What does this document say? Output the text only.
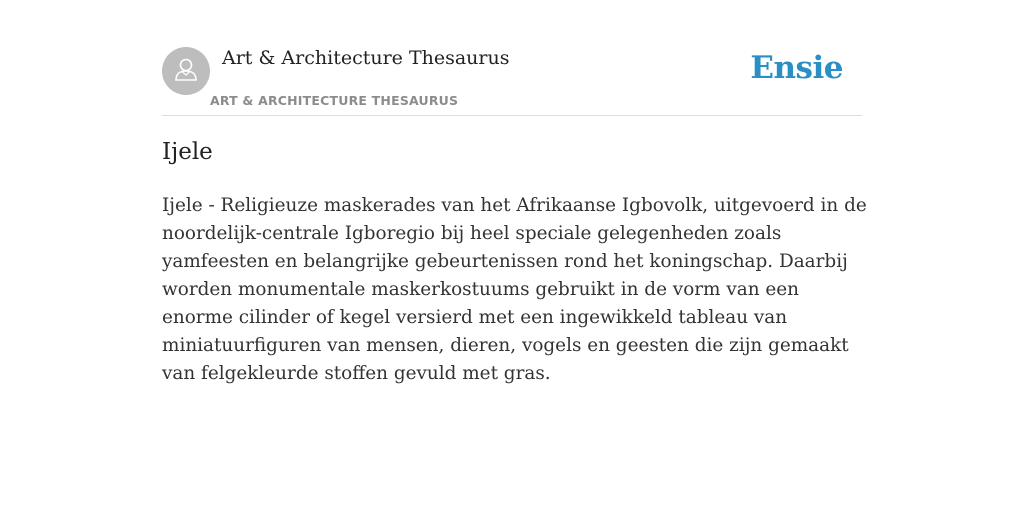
Art & Architecture Thesaurus
ART & ARCHITECTURE THESAURUS
Ensie
Ijele

Ijele - Religieuze maskerades van het Afrikaanse Igbovolk, uitgevoerd in de noordelijk-centrale Igboregio bij heel speciale gelegenheden zoals yamfeesten en belangrijke gebeurtenissen rond het koningschap. Daarbij worden monumentale maskerkostuums gebruikt in de vorm van een enorme cilinder of kegel versierd met een ingewikkeld tableau van miniatuurfiguren van mensen, dieren, vogels en geesten die zijn gemaakt van felgekleurde stoffen gevuld met gras.
